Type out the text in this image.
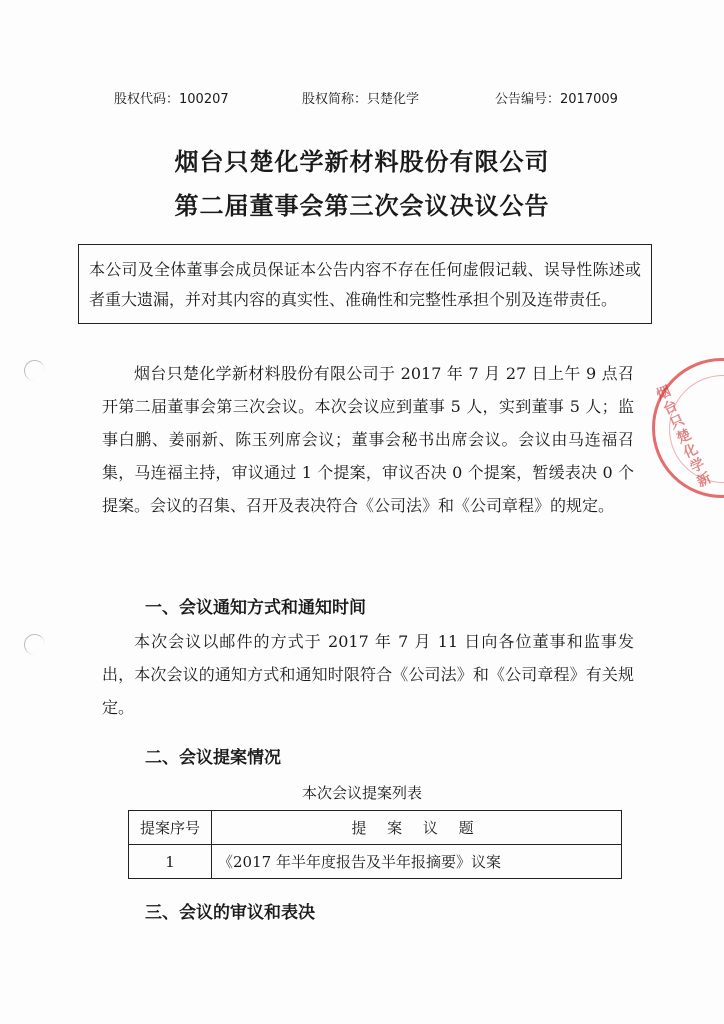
股权代码：100207	股权简称：只楚化学	公告编号：2017009
烟台只楚化学新材料股份有限公司
第二届董事会第三次会议决议公告
本公司及全体董事会成员保证本公告内容不存在任何虚假记载、误导性陈述或者重大遗漏，并对其内容的真实性、准确性和完整性承担个别及连带责任。

烟台只楚化学新材料股份有限公司于 2017 年 7 月 27 日上午 9 点召开第二届董事会第三次会议。本次会议应到董事 5 人，实到董事 5 人；监事白鹏、姜丽新、陈玉列席会议；董事会秘书出席会议。会议由马连福召集，马连福主持，审议通过 1 个提案，审议否决 0 个提案，暂缓表决 0 个提案。会议的召集、召开及表决符合《公司法》和《公司章程》的规定。

一、会议通知方式和通知时间

本次会议以邮件的方式于 2017 年 7 月 11 日向各位董事和监事发出，本次会议的通知方式和通知时限符合《公司法》和《公司章程》有关规定。

二、会议提案情况
本次会议提案列表
提案序号	提 案 议 题
1	《2017 年半年度报告及半年报摘要》议案
三、会议的审议和表决
烟台只楚化学新
